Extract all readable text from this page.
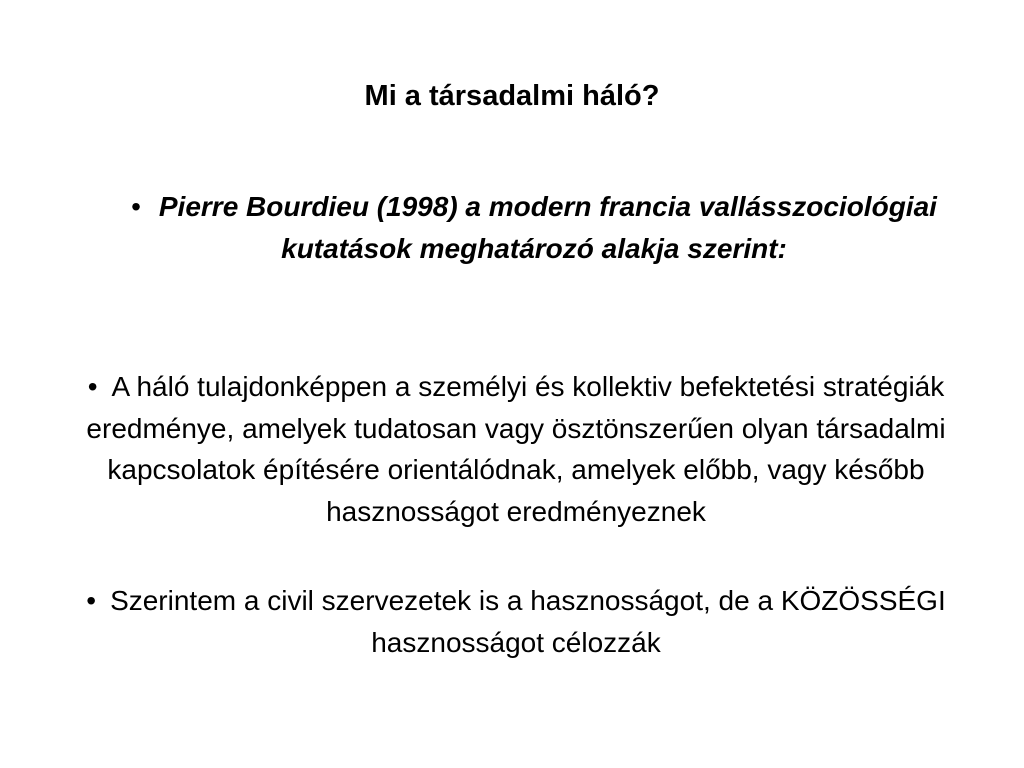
Mi a társadalmi háló?
• Pierre Bourdieu (1998) a modern francia vallásszociológiai kutatások meghatározó alakja szerint:
• A háló tulajdonképpen a személyi és kollektiv befektetési stratégiák eredménye, amelyek tudatosan vagy ösztönszerűen olyan társadalmi kapcsolatok építésére orientálódnak, amelyek előbb, vagy később hasznosságot eredményeznek
• Szerintem a civil szervezetek is a hasznosságot, de a KÖZÖSSÉGI hasznosságot célozzák
